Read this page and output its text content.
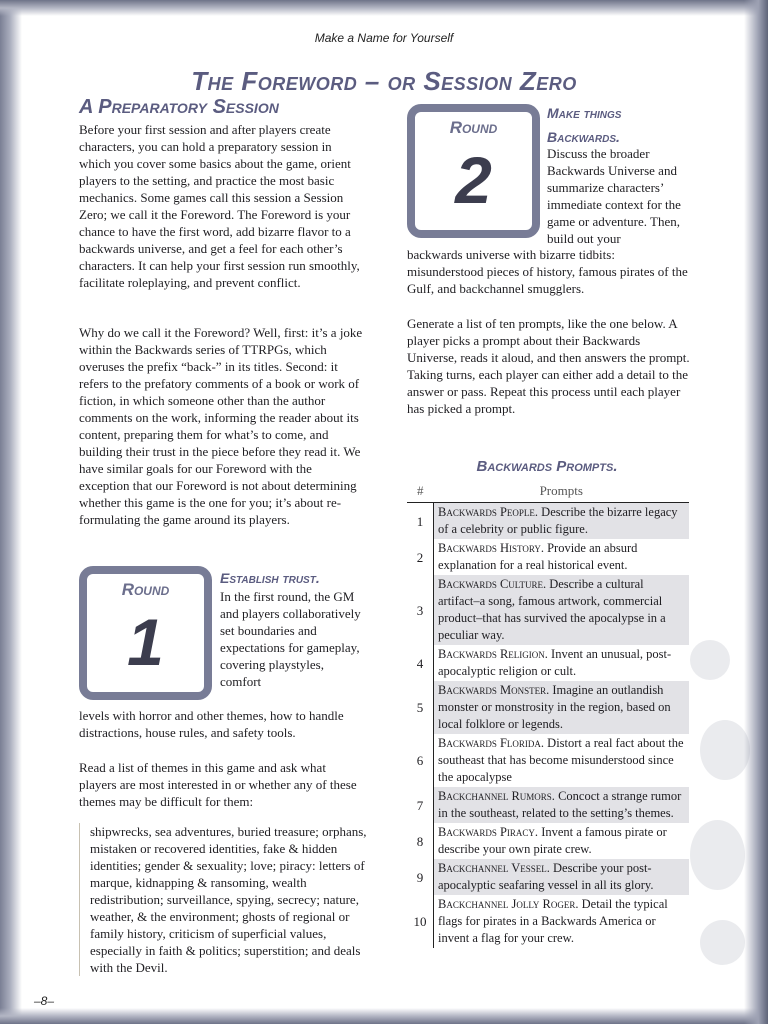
Make a Name for Yourself
The Foreword – or Session Zero
A Preparatory Session

Before your first session and after players create characters, you can hold a preparatory session in which you cover some basics about the game, orient players to the setting, and practice the most basic mechanics. Some games call this session a Session Zero; we call it the Foreword. The Foreword is your chance to have the first word, add bizarre flavor to a backwards universe, and get a feel for each other’s characters. It can help your first session run smoothly, facilitate roleplaying, and prevent conflict.

Why do we call it the Foreword? Well, first: it’s a joke within the Backwards series of TTRPGs, which overuses the prefix “back-” in its titles. Second: it refers to the prefatory comments of a book or work of fiction, in which someone other than the author comments on the work, informing the reader about its content, preparing them for what’s to come, and building their trust in the piece before they read it. We have similar goals for our Foreword with the exception that our Foreword is not about determining whether this game is the one for you; it’s about re-formulating the game around its players.

Round
1
Establish trust.

In the first round, the GM and players collaboratively set boundaries and expectations for gameplay, covering playstyles, comfort

levels with horror and other themes, how to handle distractions, house rules, and safety tools.

Read a list of themes in this game and ask what players are most interested in or whether any of these themes may be difficult for them:

shipwrecks, sea adventures, buried treasure; orphans, mistaken or recovered identities, fake & hidden identities; gender & sexuality; love; piracy: letters of marque, kidnapping & ransoming, wealth redistribution; surveillance, spying, secrecy; nature, weather, & the environment; ghosts of regional or family history, criticism of superficial values, especially in faith & politics; superstition; and deals with the Devil.

Round
2
Make things Backwards.

Discuss the broader Backwards Universe and summarize characters’ immediate context for the game or adventure. Then, build out your

backwards universe with bizarre tidbits: misunderstood pieces of history, famous pirates of the Gulf, and backchannel smugglers.

Generate a list of ten prompts, like the one below. A player picks a prompt about their Backwards Universe, reads it aloud, and then answers the prompt. Taking turns, each player can either add a detail to the answer or pass. Repeat this process until each player has picked a prompt.

Backwards Prompts.
#	Prompts
1	Backwards People. Describe the bizarre legacy of a celebrity or public figure.
2	Backwards History. Provide an absurd explanation for a real historical event.
3	Backwards Culture. Describe a cultural artifact–a song, famous artwork, commercial product–that has survived the apocalypse in a peculiar way.
4	Backwards Religion. Invent an unusual, post-apocalyptic religion or cult.
5	Backwards Monster. Imagine an outlandish monster or monstrosity in the region, based on local folklore or legends.
6	Backwards Florida. Distort a real fact about the southeast that has become misunderstood since the apocalypse
7	Backchannel Rumors. Concoct a strange rumor in the southeast, related to the setting’s themes.
8	Backwards Piracy. Invent a famous pirate or describe your own pirate crew.
9	Backchannel Vessel. Describe your post-apocalyptic seafaring vessel in all its glory.
10	Backchannel Jolly Roger. Detail the typical flags for pirates in a Backwards America or invent a flag for your crew.
–8–
